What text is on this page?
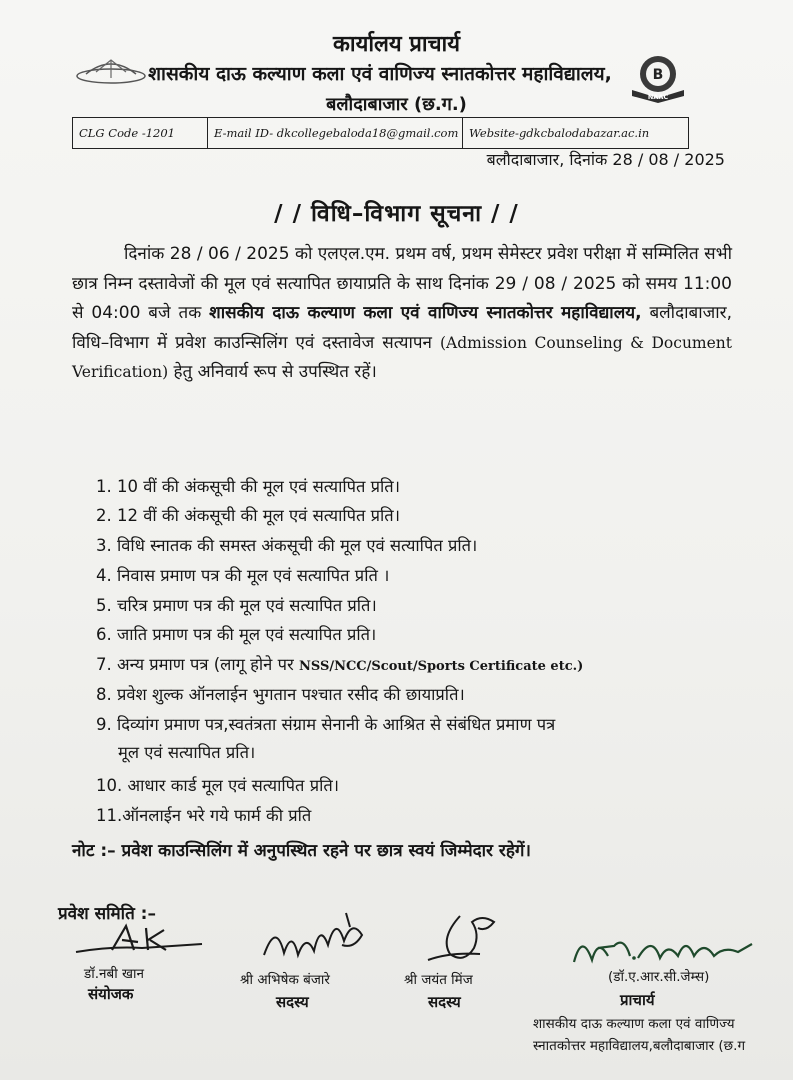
कार्यालय प्राचार्य
शासकीय दाऊ कल्याण कला एवं वाणिज्य स्नातकोत्तर महाविद्यालय,
बलौदाबाजार (छ.ग.)
B
NAAC
CLG Code -1201	E-mail ID- dkcollegebaloda18@gmail.com Website-gdkcbalodabazar.ac.in
बलौदाबाजार, दिनांक 28 / 08 / 2025
/ / विधि–विभाग सूचना / /

दिनांक 28 / 06 / 2025 को एलएल.एम. प्रथम वर्ष, प्रथम सेमेस्टर प्रवेश परीक्षा में सम्मिलित सभी छात्र निम्न दस्तावेजों की मूल एवं सत्यापित छायाप्रति के साथ दिनांक 29 / 08 / 2025 को समय 11:00 से 04:00 बजे तक शासकीय दाऊ कल्याण कला एवं वाणिज्य स्नातकोत्तर महाविद्यालय, बलौदाबाजार, विधि–विभाग में प्रवेश काउन्सिलिंग एवं दस्तावेज सत्यापन (Admission Counseling & Document Verification) हेतु अनिवार्य रूप से उपस्थित रहें।

1. 10 वीं की अंकसूची की मूल एवं सत्यापित प्रति।
2. 12 वीं की अंकसूची की मूल एवं सत्यापित प्रति।
3. विधि स्नातक की समस्त अंकसूची की मूल एवं सत्यापित प्रति।
4. निवास प्रमाण पत्र की मूल एवं सत्यापित प्रति ।
5. चरित्र प्रमाण पत्र की मूल एवं सत्यापित प्रति।
6. जाति प्रमाण पत्र की मूल एवं सत्यापित प्रति।
7. अन्य प्रमाण पत्र (लागू होने पर NSS/NCC/Scout/Sports Certificate etc.)
8. प्रवेश शुल्क ऑनलाईन भुगतान पश्चात रसीद की छायाप्रति।
9. दिव्यांग प्रमाण पत्र,स्वतंत्रता संग्राम सेनानी के आश्रित से संबंधित प्रमाण पत्र
मूल एवं सत्यापित प्रति।
10. आधार कार्ड मूल एवं सत्यापित प्रति।
11.ऑनलाईन भरे गये फार्म की प्रति
नोट :– प्रवेश काउन्सिलिंग में अनुपस्थित रहने पर छात्र स्वयं जिम्मेदार रहेगें।
प्रवेश समिति :–
डॉ.नबी खान
संयोजक
श्री अभिषेक बंजारे
सदस्य
श्री जयंत मिंज
सदस्य
(डॉ.ए.आर.सी.जेम्स)
प्राचार्य
शासकीय दाऊ कल्याण कला एवं वाणिज्य
स्नातकोत्तर महाविद्यालय,बलौदाबाजार (छ.ग
